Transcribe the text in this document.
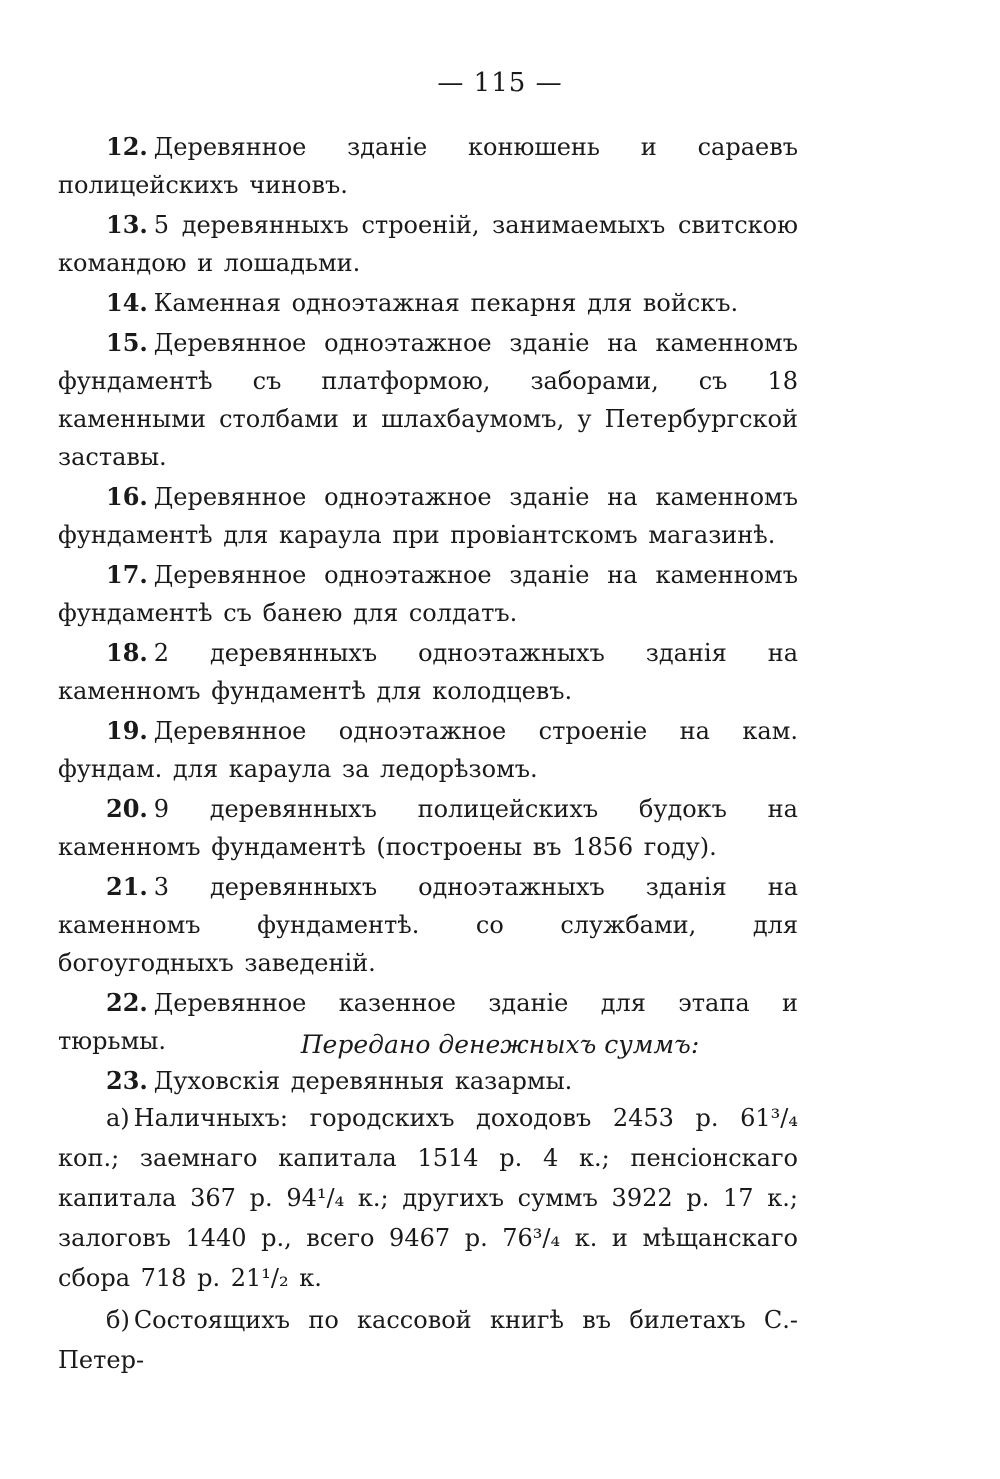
— 115 —

12. Деревянное зданіе конюшень и сараевъ полицейскихъ чиновъ.

13. 5 деревянныхъ строеній, занимаемыхъ свитскою командою и лошадьми.

14. Каменная одноэтажная пекарня для войскъ.

15. Деревянное одноэтажное зданіе на каменномъ фундаментѣ съ платформою, заборами, съ 18 каменными столбами и шлахбаумомъ, у Петербургской заставы.

16. Деревянное одноэтажное зданіе на каменномъ фундаментѣ для караула при провіантскомъ магазинѣ.

17. Деревянное одноэтажное зданіе на каменномъ фундаментѣ съ банею для солдатъ.

18. 2 деревянныхъ одноэтажныхъ зданія на каменномъ фундаментѣ для колодцевъ.

19. Деревянное одноэтажное строеніе на кам. фундам. для караула за ледорѣзомъ.

20. 9 деревянныхъ полицейскихъ будокъ на каменномъ фундаментѣ (построены въ 1856 году).

21. 3 деревянныхъ одноэтажныхъ зданія на каменномъ фундаментѣ. со службами, для богоугодныхъ заведеній.

22. Деревянное казенное зданіе для этапа и тюрьмы.

23. Духовскія деревянныя казармы.

Передано денежныхъ суммъ:

а) Наличныхъ: городскихъ доходовъ 2453 р. 61³/₄ коп.; заемнаго капитала 1514 р. 4 к.; пенсіонскаго капитала 367 р. 94¹/₄ к.; другихъ суммъ 3922 р. 17 к.; залоговъ 1440 р., всего 9467 р. 76³/₄ к. и мѣщанскаго сбора 718 р. 21¹/₂ к.

б) Состоящихъ по кассовой книгѣ въ билетахъ С.-Петер-
